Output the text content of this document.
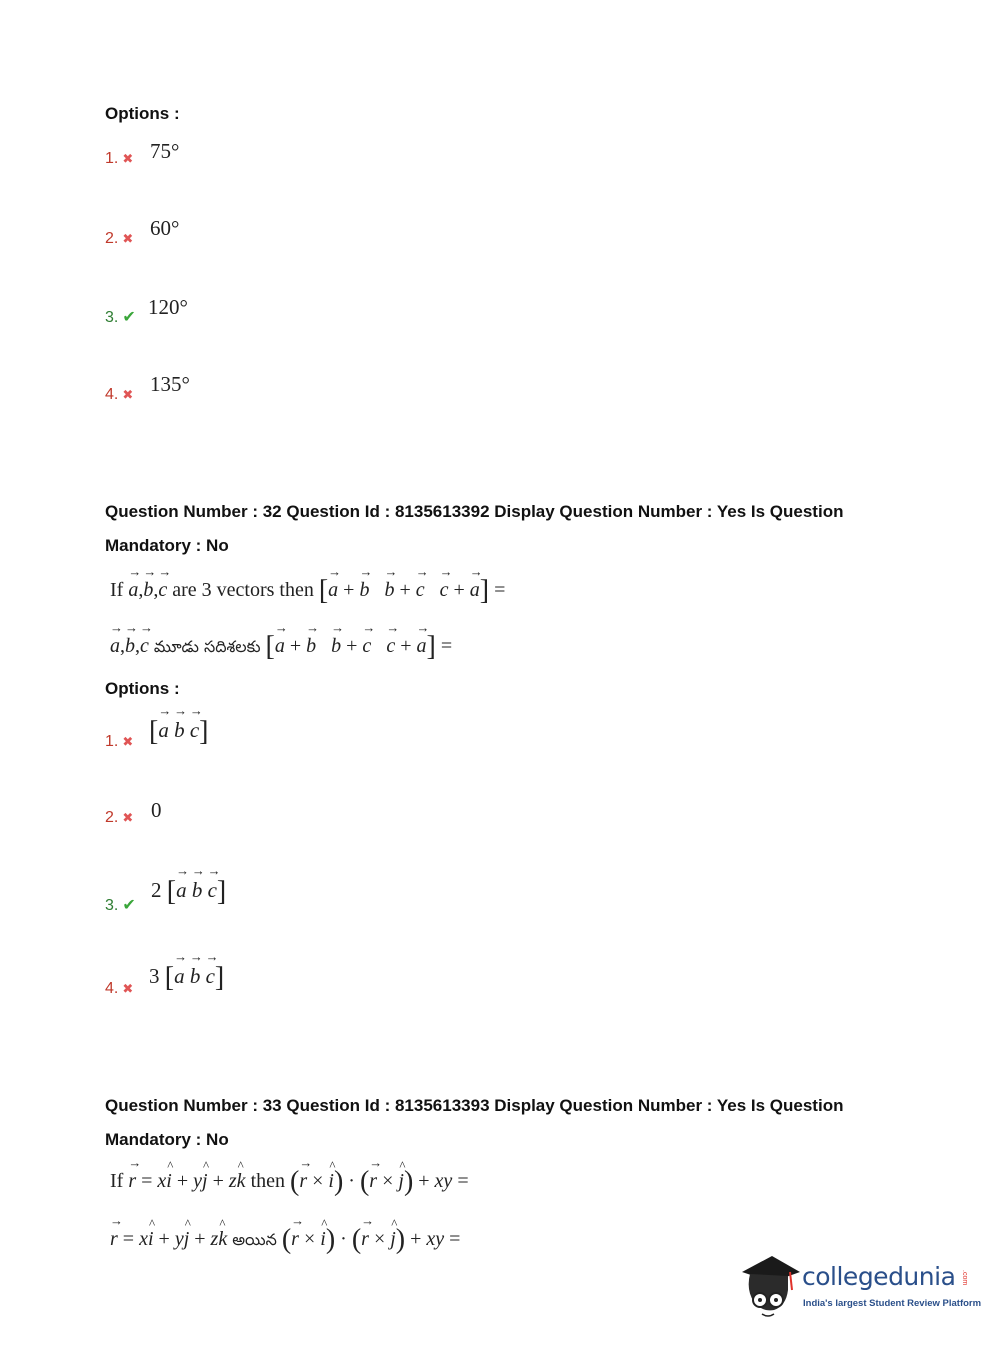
Options :
1. ✖ 75°
2. ✖ 60°
3. ✔ 120°
4. ✖ 135°
Question Number : 32 Question Id : 8135613392 Display Question Number : Yes Is Question
Mandatory : No
If → a,→ b,→ c are 3 vectors then [→ a + → b → b + → c → c + → a] =
→ a,→ b,→ c మూడు సదిశలకు [→ a + → b → b + → c → c + → a] =
Options :
1. ✖ [→ a → b → c]
2. ✖ 0
3. ✔
2 [→ a → b → c]
4. ✖
3 [→ a → b → c]
Question Number : 33 Question Id : 8135613393 Display Question Number : Yes Is Question
Mandatory : No
If → r = x^ i + y^ j + z^ k then (→ r × ^ i) · (→ r × ^ j) + xy =
→ r = x^ i + y^ j + z^ k అయిన (→ r × ^ i) · (→ r × ^ j) + xy =
collegedunia .com
India's largest Student Review Platform
